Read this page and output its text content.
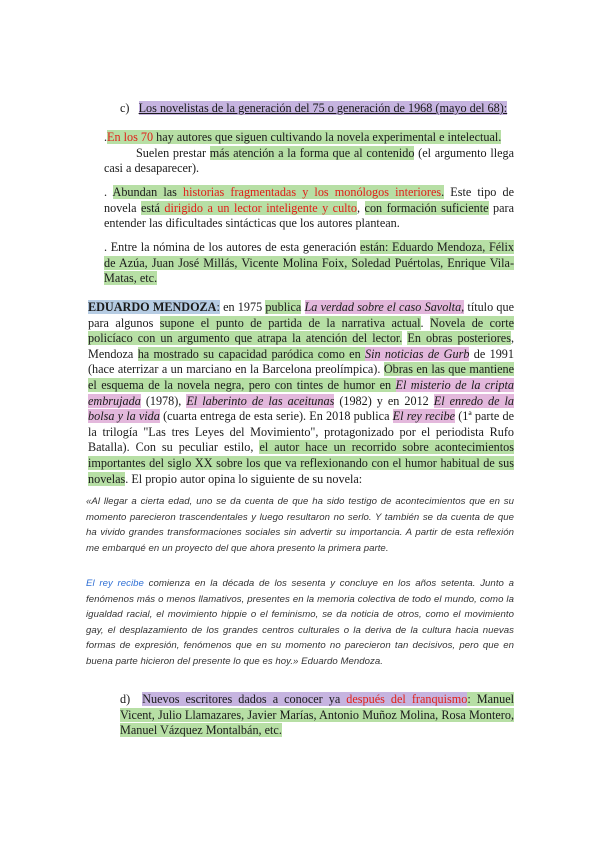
c) Los novelistas de la generación del 75 o generación de 1968 (mayo del 68):
.En los 70 hay autores que siguen cultivando la novela experimental e intelectual.
Suelen prestar más atención a la forma que al contenido (el argumento llega casi a desaparecer).
. Abundan las historias fragmentadas y los monólogos interiores. Este tipo de novela está dirigido a un lector inteligente y culto, con formación suficiente para entender las dificultades sintácticas que los autores plantean.
. Entre la nómina de los autores de esta generación están: Eduardo Mendoza, Félix de Azúa, Juan José Millás, Vicente Molina Foix, Soledad Puértolas, Enrique Vila-Matas, etc.
EDUARDO MENDOZA: en 1975 publica La verdad sobre el caso Savolta, título que para algunos supone el punto de partida de la narrativa actual. Novela de corte policíaco con un argumento que atrapa la atención del lector. En obras posteriores, Mendoza ha mostrado su capacidad paródica como en Sin noticias de Gurb de 1991 (hace aterrizar a un marciano en la Barcelona preolímpica). Obras en las que mantiene el esquema de la novela negra, pero con tintes de humor en El misterio de la cripta embrujada (1978), El laberinto de las aceitunas (1982) y en 2012 El enredo de la bolsa y la vida (cuarta entrega de esta serie). En 2018 publica El rey recibe (1ª parte de la trilogía "Las tres Leyes del Movimiento", protagonizado por el periodista Rufo Batalla). Con su peculiar estilo, el autor hace un recorrido sobre acontecimientos importantes del siglo XX sobre los que va reflexionando con el humor habitual de sus novelas. El propio autor opina lo siguiente de su novela:
«Al llegar a cierta edad, uno se da cuenta de que ha sido testigo de acontecimientos que en su momento parecieron trascendentales y luego resultaron no serlo. Y también se da cuenta de que ha vivido grandes transformaciones sociales sin advertir su importancia. A partir de esta reflexión me embarqué en un proyecto del que ahora presento la primera parte.
El rey recibe comienza en la década de los sesenta y concluye en los años setenta. Junto a fenómenos más o menos llamativos, presentes en la memoria colectiva de todo el mundo, como la igualdad racial, el movimiento hippie o el feminismo, se da noticia de otros, como el movimiento gay, el desplazamiento de los grandes centros culturales o la deriva de la cultura hacia nuevas formas de expresión, fenómenos que en su momento no parecieron tan decisivos, pero que en buena parte hicieron del presente lo que es hoy.» Eduardo Mendoza.
d) Nuevos escritores dados a conocer ya después del franquismo: Manuel Vicent, Julio Llamazares, Javier Marías, Antonio Muñoz Molina, Rosa Montero, Manuel Vázquez Montalbán, etc.
